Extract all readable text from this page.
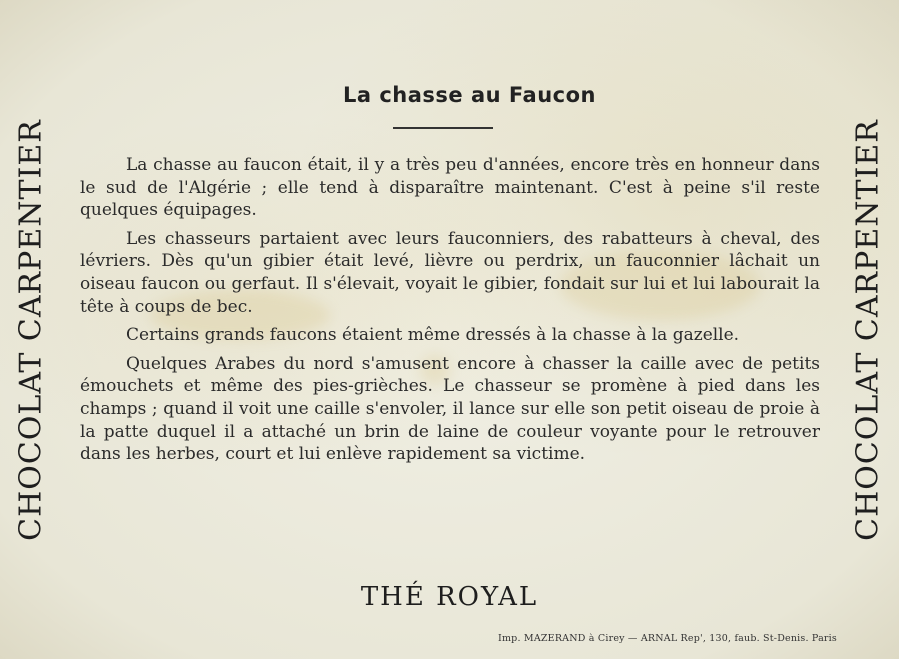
La chasse au Faucon

La chasse au faucon était, il y a très peu d'années, encore très en honneur dans le sud de l'Algérie ; elle tend à disparaître maintenant. C'est à peine s'il reste quelques équipages.

Les chasseurs partaient avec leurs fauconniers, des rabatteurs à cheval, des lévriers. Dès qu'un gibier était levé, lièvre ou perdrix, un fauconnier lâchait un oiseau faucon ou gerfaut. Il s'élevait, voyait le gibier, fondait sur lui et lui labourait la tête à coups de bec.

Certains grands faucons étaient même dressés à la chasse à la gazelle.

Quelques Arabes du nord s'amusent encore à chasser la caille avec de petits émouchets et même des pies-grièches. Le chasseur se promène à pied dans les champs ; quand il voit une caille s'envoler, il lance sur elle son petit oiseau de proie à la patte duquel il a attaché un brin de laine de couleur voyante pour le retrouver dans les herbes, court et lui enlève rapidement sa victime.

CHOCOLAT CARPENTIER	CHOCOLAT CARPENTIER
THÉ ROYAL
Imp. MAZERAND à Cirey — ARNAL Rep', 130, faub. St-Denis. Paris
